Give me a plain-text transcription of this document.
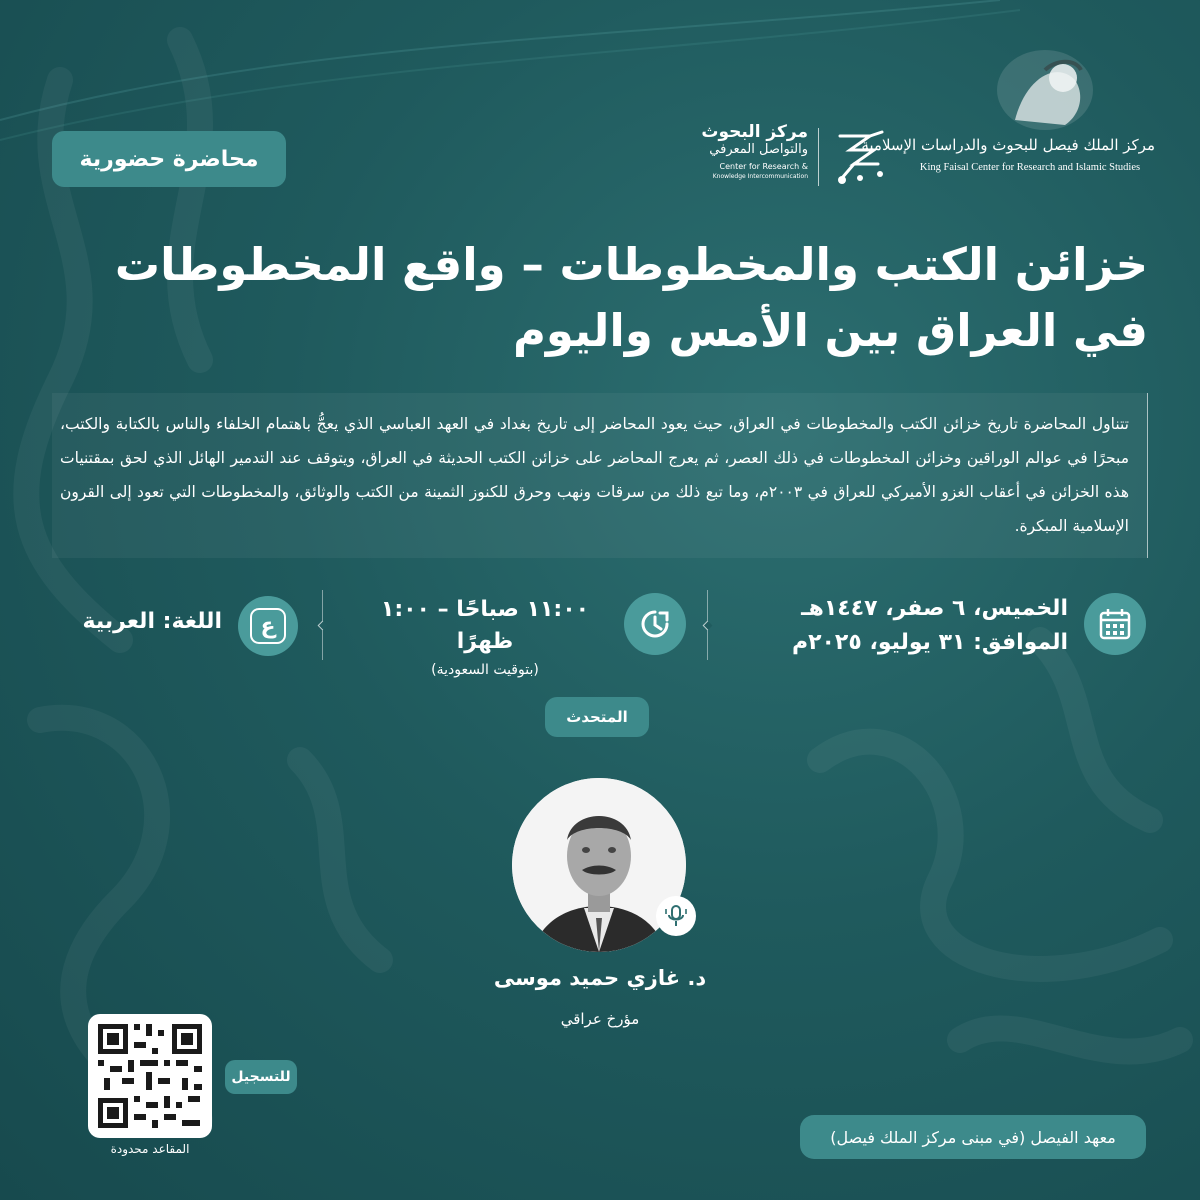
محاضرة حضورية
مركز البحوث
والتواصل المعرفي
Center for Research &
Knowledge Intercommunication
مركز الملك فيصل للبحوث والدراسات الإسلامية
King Faisal Center for Research and Islamic Studies
خزائن الكتب والمخطوطات – واقع المخطوطات
في العراق بين الأمس واليوم
تتناول المحاضرة تاريخ خزائن الكتب والمخطوطات في العراق، حيث يعود المحاضر إلى تاريخ بغداد في العهد العباسي الذي يعجُّ باهتمام الخلفاء والناس بالكتابة والكتب، مبحرًا في عوالم الوراقين وخزائن المخطوطات في ذلك العصر، ثم يعرج المحاضر على خزائن الكتب الحديثة في العراق، ويتوقف عند التدمير الهائل الذي لحق بمقتنيات هذه الخزائن في أعقاب الغزو الأميركي للعراق في ٢٠٠٣م، وما تبع ذلك من سرقات ونهب وحرق للكنوز الثمينة من الكتب والوثائق، والمخطوطات التي تعود إلى القرون الإسلامية المبكرة.
الخميس، ٦ صفر، ١٤٤٧هـ
الموافق: ٣١ يوليو، ٢٠٢٥م
١١:٠٠ صباحًا – ١:٠٠ ظهرًا
(بتوقيت السعودية)
ع
اللغة: العربية
المتحدث
د. غازي حميد موسى
مؤرخ عراقي
المقاعد محدودة
للتسجيل
معهد الفيصل (في مبنى مركز الملك فيصل)
